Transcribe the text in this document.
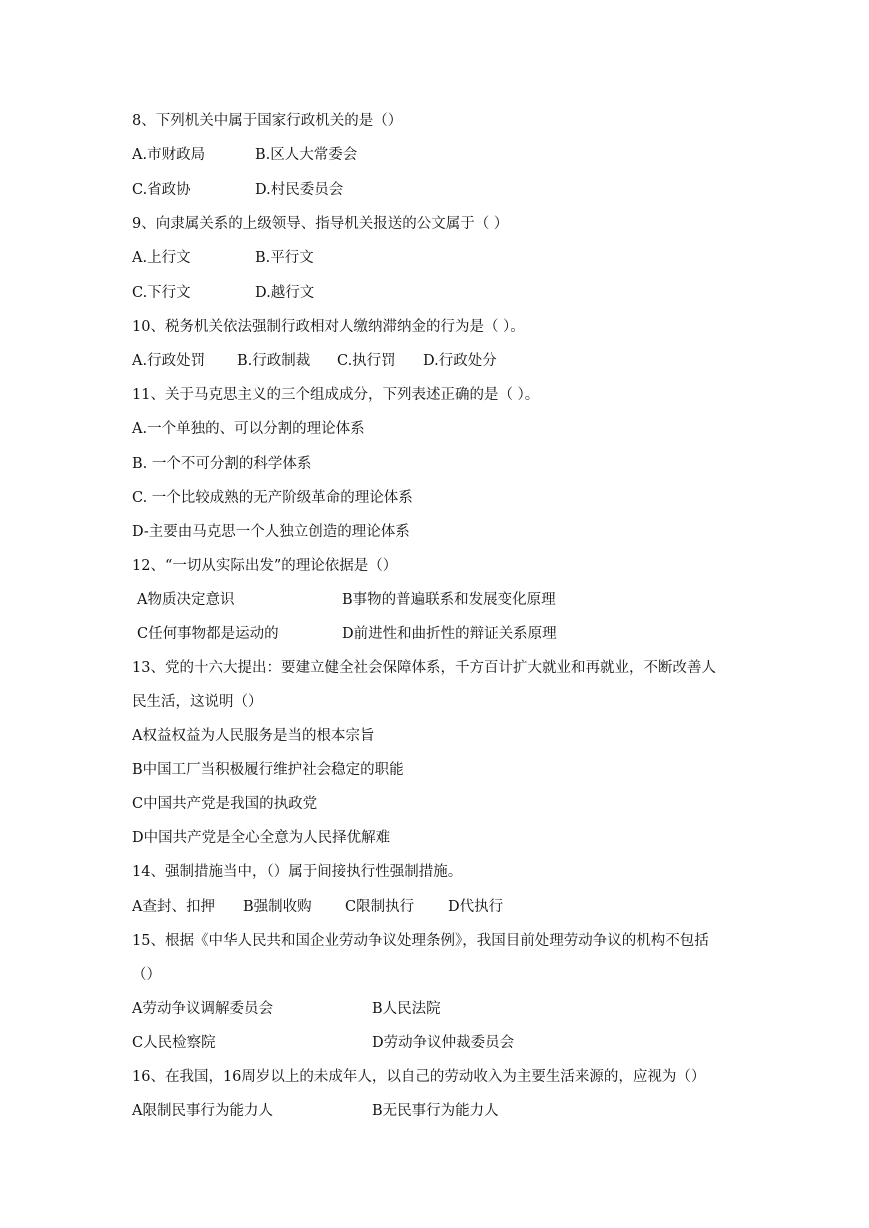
8、下列机关中属于国家行政机关的是（）
A.市财政局	B.区人大常委会
C.省政协	D.村民委员会
9、向隶属关系的上级领导、指导机关报送的公文属于（ ）
A.上行文	B.平行文
C.下行文	D.越行文
10、税务机关依法强制行政相对人缴纳滞纳金的行为是（ ）。
A.行政处罚 B.行政制裁 C.执行罚 D.行政处分
11、关于马克思主义的三个组成成分，下列表述正确的是（ ）。
A.一个单独的、可以分割的理论体系
B. 一个不可分割的科学体系
C. 一个比较成熟的无产阶级革命的理论体系
D-主要由马克思一个人独立创造的理论体系
12、“一切从实际出发”的理论依据是（）
A物质决定意识	B事物的普遍联系和发展变化原理
C任何事物都是运动的	D前进性和曲折性的辩证关系原理
13、党的十六大提出：要建立健全社会保障体系，千方百计扩大就业和再就业，不断改善人
民生活，这说明（）
A权益权益为人民服务是当的根本宗旨
B中国工厂当积极履行维护社会稳定的职能
C中国共产党是我国的执政党
D中国共产党是全心全意为人民择优解难
14、强制措施当中，（）属于间接执行性强制措施。
A查封、扣押 B强制收购 C限制执行 D代执行
15、根据《中华人民共和国企业劳动争议处理条例》，我国目前处理劳动争议的机构不包括
（）
A劳动争议调解委员会	B人民法院
C人民检察院	D劳动争议仲裁委员会
16、在我国，16周岁以上的未成年人，以自己的劳动收入为主要生活来源的，应视为（）
A限制民事行为能力人	B无民事行为能力人
